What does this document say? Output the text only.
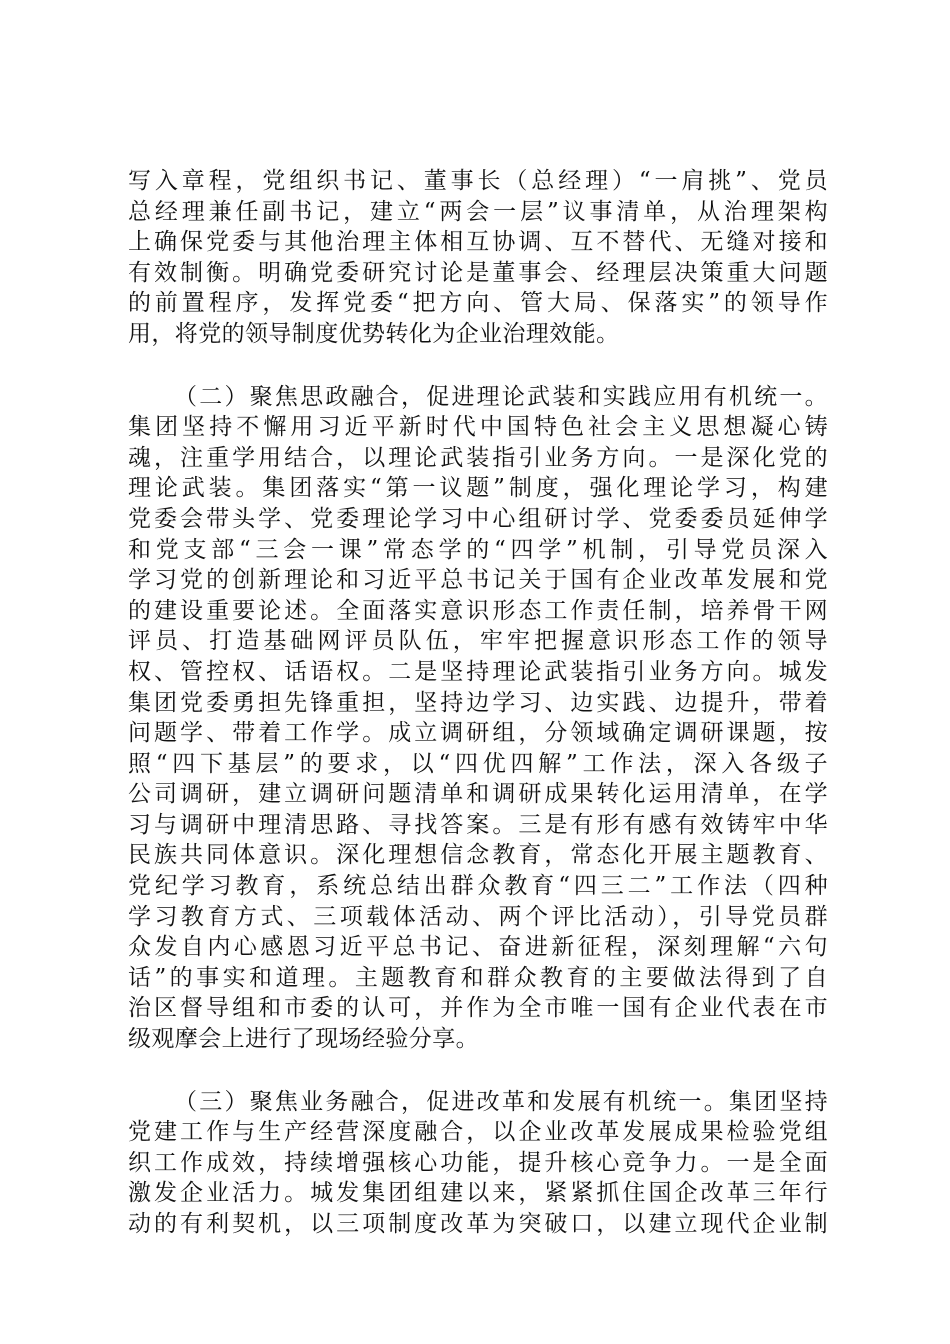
写入章程，党组织书记、董事长（总经理）“一肩挑”、党员
总经理兼任副书记，建立“两会一层”议事清单，从治理架构
上确保党委与其他治理主体相互协调、互不替代、无缝对接和
有效制衡。明确党委研究讨论是董事会、经理层决策重大问题
的前置程序，发挥党委“把方向、管大局、保落实”的领导作
用，将党的领导制度优势转化为企业治理效能。
（二）聚焦思政融合，促进理论武装和实践应用有机统一。
集团坚持不懈用习近平新时代中国特色社会主义思想凝心铸
魂，注重学用结合，以理论武装指引业务方向。一是深化党的
理论武装。集团落实“第一议题”制度，强化理论学习，构建
党委会带头学、党委理论学习中心组研讨学、党委委员延伸学
和党支部“三会一课”常态学的“四学”机制，引导党员深入
学习党的创新理论和习近平总书记关于国有企业改革发展和党
的建设重要论述。全面落实意识形态工作责任制，培养骨干网
评员、打造基础网评员队伍，牢牢把握意识形态工作的领导
权、管控权、话语权。二是坚持理论武装指引业务方向。城发
集团党委勇担先锋重担，坚持边学习、边实践、边提升，带着
问题学、带着工作学。成立调研组，分领域确定调研课题，按
照“四下基层”的要求，以“四优四解”工作法，深入各级子
公司调研，建立调研问题清单和调研成果转化运用清单，在学
习与调研中理清思路、寻找答案。三是有形有感有效铸牢中华
民族共同体意识。深化理想信念教育，常态化开展主题教育、
党纪学习教育，系统总结出群众教育“四三二”工作法（四种
学习教育方式、三项载体活动、两个评比活动），引导党员群
众发自内心感恩习近平总书记、奋进新征程，深刻理解“六句
话”的事实和道理。主题教育和群众教育的主要做法得到了自
治区督导组和市委的认可，并作为全市唯一国有企业代表在市
级观摩会上进行了现场经验分享。
（三）聚焦业务融合，促进改革和发展有机统一。集团坚持
党建工作与生产经营深度融合，以企业改革发展成果检验党组
织工作成效，持续增强核心功能，提升核心竞争力。一是全面
激发企业活力。城发集团组建以来，紧紧抓住国企改革三年行
动的有利契机，以三项制度改革为突破口，以建立现代企业制
